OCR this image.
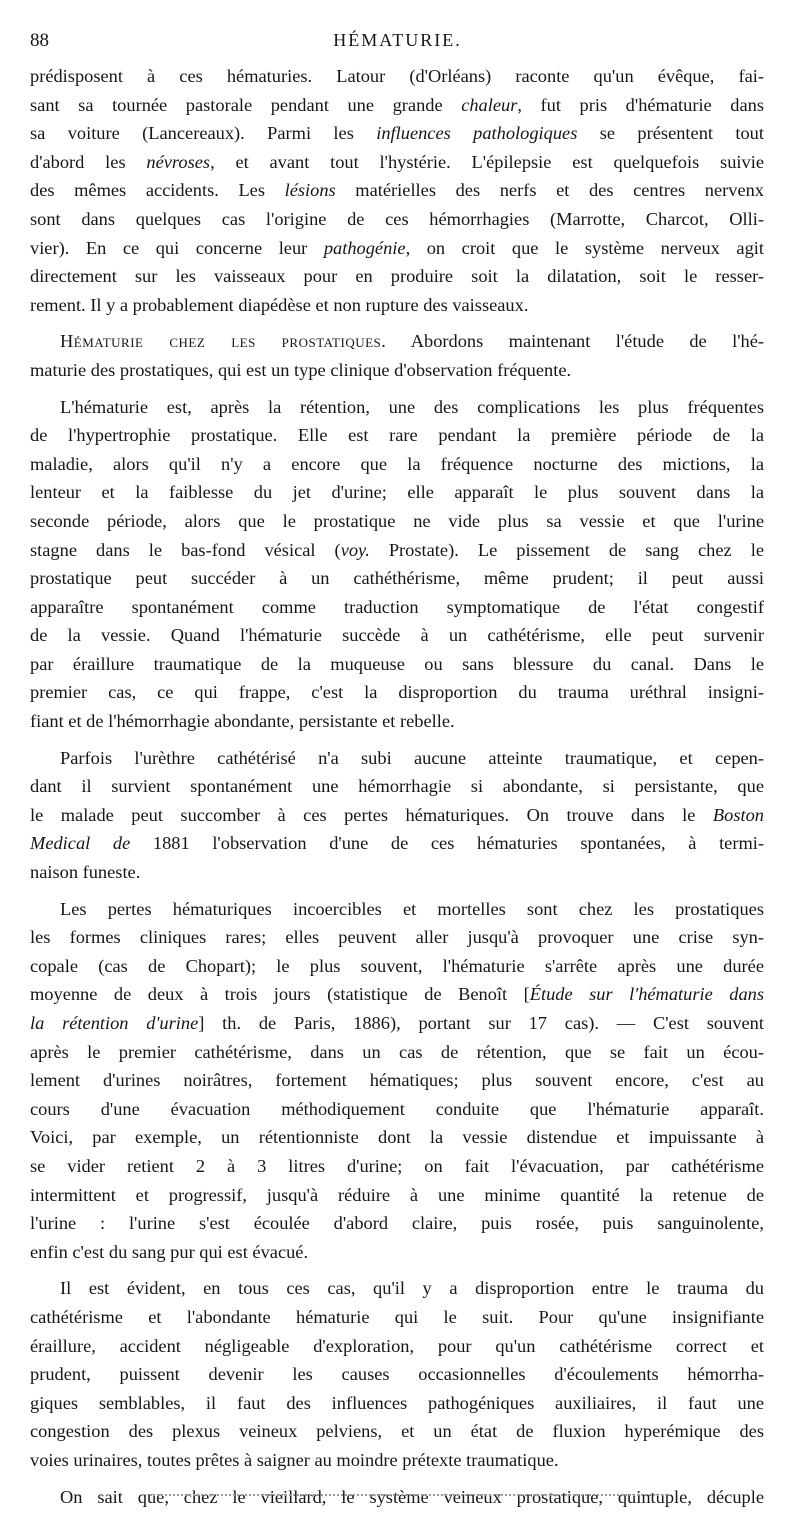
88	HÉMATURIE.
prédisposent à ces hématuries. Latour (d'Orléans) raconte qu'un évêque, fai-
sant sa tournée pastorale pendant une grande chaleur, fut pris d'hématurie dans
sa voiture (Lancereaux). Parmi les influences pathologiques se présentent tout
d'abord les névroses, et avant tout l'hystérie. L'épilepsie est quelquefois suivie
des mêmes accidents. Les lésions matérielles des nerfs et des centres nervenx
sont dans quelques cas l'origine de ces hémorrhagies (Marrotte, Charcot, Olli-
vier). En ce qui concerne leur pathogénie, on croit que le système nerveux agit
directement sur les vaisseaux pour en produire soit la dilatation, soit le resser-
rement. Il y a probablement diapédèse et non rupture des vaisseaux.
Hématurie chez les prostatiques. Abordons maintenant l'étude de l'hé-
maturie des prostatiques, qui est un type clinique d'observation fréquente.
L'hématurie est, après la rétention, une des complications les plus fréquentes
de l'hypertrophie prostatique. Elle est rare pendant la première période de la
maladie, alors qu'il n'y a encore que la fréquence nocturne des mictions, la
lenteur et la faiblesse du jet d'urine; elle apparaît le plus souvent dans la
seconde période, alors que le prostatique ne vide plus sa vessie et que l'urine
stagne dans le bas-fond vésical (voy. Prostate). Le pissement de sang chez le
prostatique peut succéder à un cathéthérisme, même prudent; il peut aussi
apparaître spontanément comme traduction symptomatique de l'état congestif
de la vessie. Quand l'hématurie succède à un cathétérisme, elle peut survenir
par éraillure traumatique de la muqueuse ou sans blessure du canal. Dans le
premier cas, ce qui frappe, c'est la disproportion du trauma uréthral insigni-
fiant et de l'hémorrhagie abondante, persistante et rebelle.
Parfois l'urèthre cathétérisé n'a subi aucune atteinte traumatique, et cepen-
dant il survient spontanément une hémorrhagie si abondante, si persistante, que
le malade peut succomber à ces pertes hématuriques. On trouve dans le Boston
Medical de 1881 l'observation d'une de ces hématuries spontanées, à termi-
naison funeste.
Les pertes hématuriques incoercibles et mortelles sont chez les prostatiques
les formes cliniques rares; elles peuvent aller jusqu'à provoquer une crise syn-
copale (cas de Chopart); le plus souvent, l'hématurie s'arrête après une durée
moyenne de deux à trois jours (statistique de Benoît [Étude sur l'hématurie dans
la rétention d'urine] th. de Paris, 1886), portant sur 17 cas). — C'est souvent
après le premier cathétérisme, dans un cas de rétention, que se fait un écou-
lement d'urines noirâtres, fortement hématiques; plus souvent encore, c'est au
cours d'une évacuation méthodiquement conduite que l'hématurie apparaît.
Voici, par exemple, un rétentionniste dont la vessie distendue et impuissante à
se vider retient 2 à 3 litres d'urine; on fait l'évacuation, par cathétérisme
intermittent et progressif, jusqu'à réduire à une minime quantité la retenue de
l'urine : l'urine s'est écoulée d'abord claire, puis rosée, puis sanguinolente,
enfin c'est du sang pur qui est évacué.
Il est évident, en tous ces cas, qu'il y a disproportion entre le trauma du
cathétérisme et l'abondante hématurie qui le suit. Pour qu'une insignifiante
éraillure, accident négligeable d'exploration, pour qu'un cathétérisme correct et
prudent, puissent devenir les causes occasionnelles d'écoulements hémorrha-
giques semblables, il faut des influences pathogéniques auxiliaires, il faut une
congestion des plexus veineux pelviens, et un état de fluxion hyperémique des
voies urinaires, toutes prêtes à saigner au moindre prétexte traumatique.
On sait que, chez le vieillard, le système veineux prostatique, quintuple, décuple
